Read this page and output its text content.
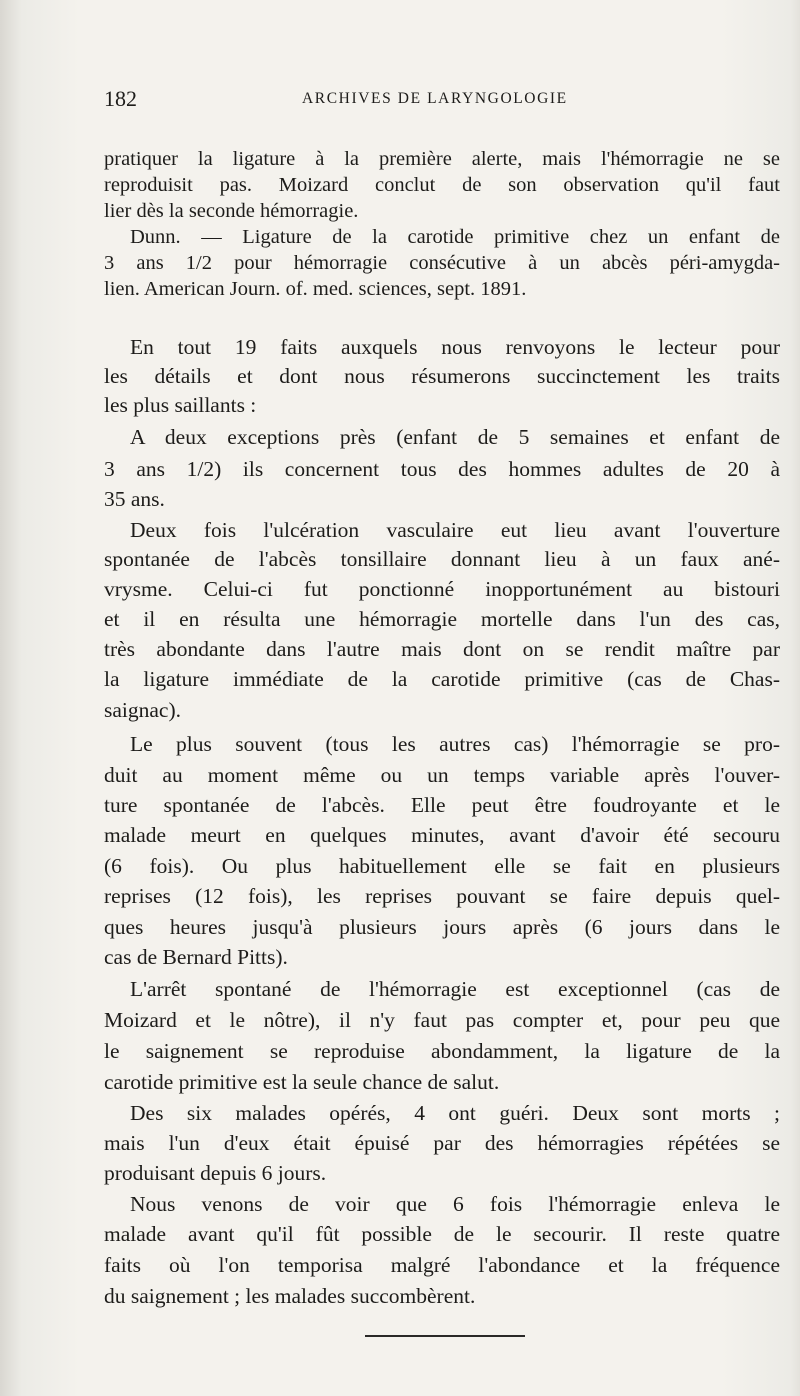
182	ARCHIVES DE LARYNGOLOGIE
pratiquer la ligature à la première alerte, mais l'hémorragie ne se
reproduisit pas. Moizard conclut de son observation qu'il faut
lier dès la seconde hémorragie.
Dunn. — Ligature de la carotide primitive chez un enfant de
3 ans 1/2 pour hémorragie consécutive à un abcès péri-amygda-
lien. American Journ. of. med. sciences, sept. 1891.
En tout 19 faits auxquels nous renvoyons le lecteur pour
les détails et dont nous résumerons succinctement les traits
les plus saillants :
A deux exceptions près (enfant de 5 semaines et enfant de
3 ans 1/2) ils concernent tous des hommes adultes de 20 à
35 ans.
Deux fois l'ulcération vasculaire eut lieu avant l'ouverture
spontanée de l'abcès tonsillaire donnant lieu à un faux ané-
vrysme. Celui-ci fut ponctionné inopportunément au bistouri
et il en résulta une hémorragie mortelle dans l'un des cas,
très abondante dans l'autre mais dont on se rendit maître par
la ligature immédiate de la carotide primitive (cas de Chas-
saignac).
Le plus souvent (tous les autres cas) l'hémorragie se pro-
duit au moment même ou un temps variable après l'ouver-
ture spontanée de l'abcès. Elle peut être foudroyante et le
malade meurt en quelques minutes, avant d'avoir été secouru
(6 fois). Ou plus habituellement elle se fait en plusieurs
reprises (12 fois), les reprises pouvant se faire depuis quel-
ques heures jusqu'à plusieurs jours après (6 jours dans le
cas de Bernard Pitts).
L'arrêt spontané de l'hémorragie est exceptionnel (cas de
Moizard et le nôtre), il n'y faut pas compter et, pour peu que
le saignement se reproduise abondamment, la ligature de la
carotide primitive est la seule chance de salut.
Des six malades opérés, 4 ont guéri. Deux sont morts ;
mais l'un d'eux était épuisé par des hémorragies répétées se
produisant depuis 6 jours.
Nous venons de voir que 6 fois l'hémorragie enleva le
malade avant qu'il fût possible de le secourir. Il reste quatre
faits où l'on temporisa malgré l'abondance et la fréquence
du saignement ; les malades succombèrent.
